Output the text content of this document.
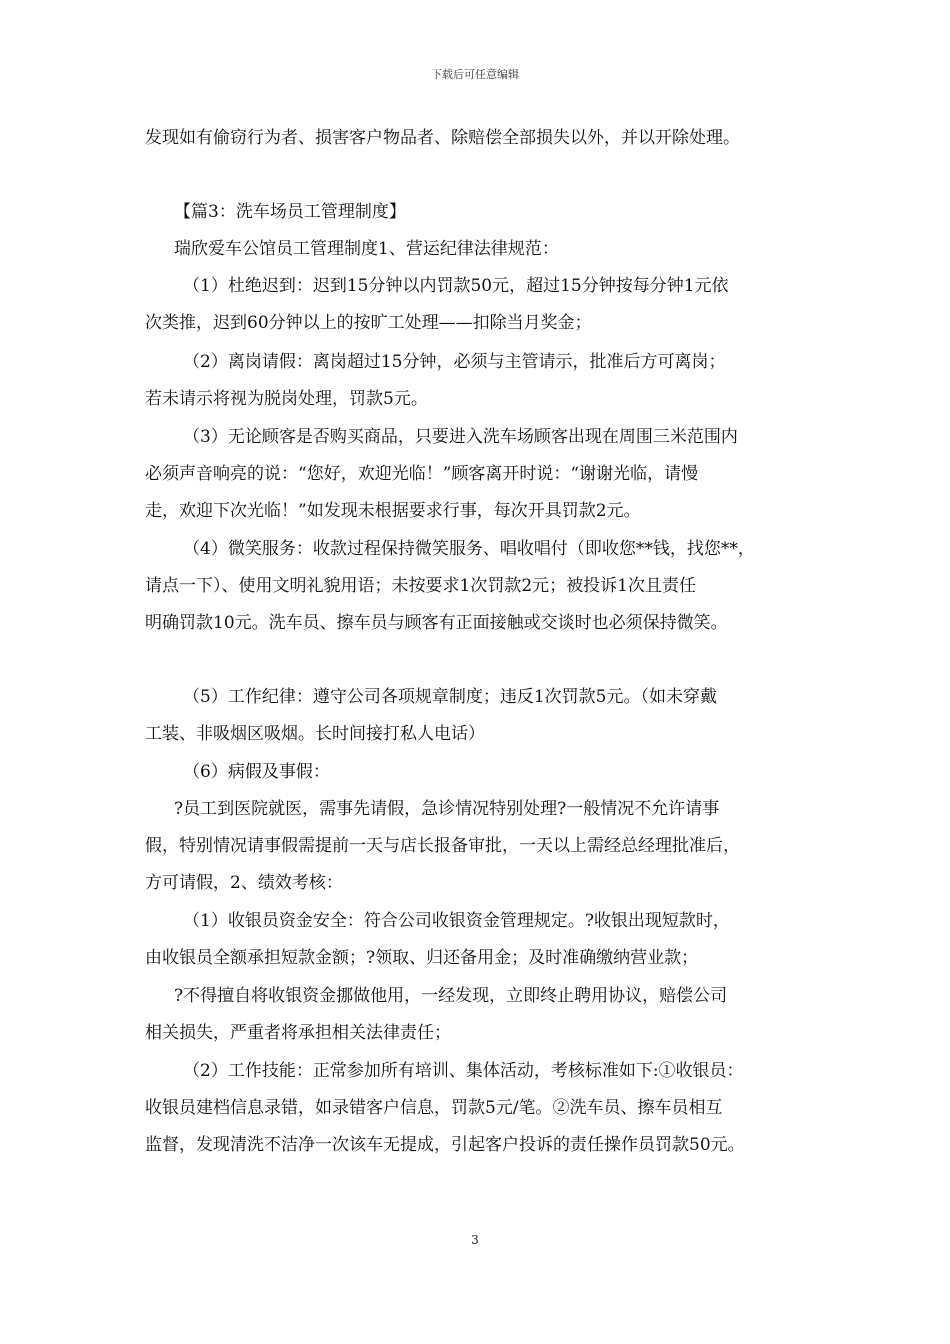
下载后可任意编辑
发现如有偷窃行为者、损害客户物品者、除赔偿全部损失以外，并以开除处理。
【篇3：洗车场员工管理制度】
瑞欣爱车公馆员工管理制度1、营运纪律法律规范：
（1）杜绝迟到：迟到15分钟以内罚款50元，超过15分钟按每分钟1元依
次类推，迟到60分钟以上的按旷工处理——扣除当月奖金；
（2）离岗请假：离岗超过15分钟，必须与主管请示，批准后方可离岗；
若未请示将视为脱岗处理，罚款5元。
（3）无论顾客是否购买商品，只要进入洗车场顾客出现在周围三米范围内
必须声音响亮的说：“您好，欢迎光临！”顾客离开时说：“谢谢光临，请慢
走，欢迎下次光临！”如发现未根据要求行事，每次开具罚款2元。
（4）微笑服务：收款过程保持微笑服务、唱收唱付（即收您**钱，找您**，
请点一下）、使用文明礼貌用语；未按要求1次罚款2元；被投诉1次且责任
明确罚款10元。洗车员、擦车员与顾客有正面接触或交谈时也必须保持微笑。
（5）工作纪律：遵守公司各项规章制度；违反1次罚款5元。（如未穿戴
工装、非吸烟区吸烟。长时间接打私人电话）
（6）病假及事假：
?员工到医院就医，需事先请假，急诊情况特别处理?一般情况不允许请事
假，特别情况请事假需提前一天与店长报备审批，一天以上需经总经理批准后，
方可请假，2、绩效考核：
（1）收银员资金安全：符合公司收银资金管理规定。?收银出现短款时，
由收银员全额承担短款金额；?领取、归还备用金；及时准确缴纳营业款；
?不得擅自将收银资金挪做他用，一经发现，立即终止聘用协议，赔偿公司
相关损失，严重者将承担相关法律责任；
（2）工作技能：正常参加所有培训、集体活动，考核标准如下:①收银员：
收银员建档信息录错，如录错客户信息，罚款5元/笔。②洗车员、擦车员相互
监督，发现清洗不洁净一次该车无提成，引起客户投诉的责任操作员罚款50元。
3
